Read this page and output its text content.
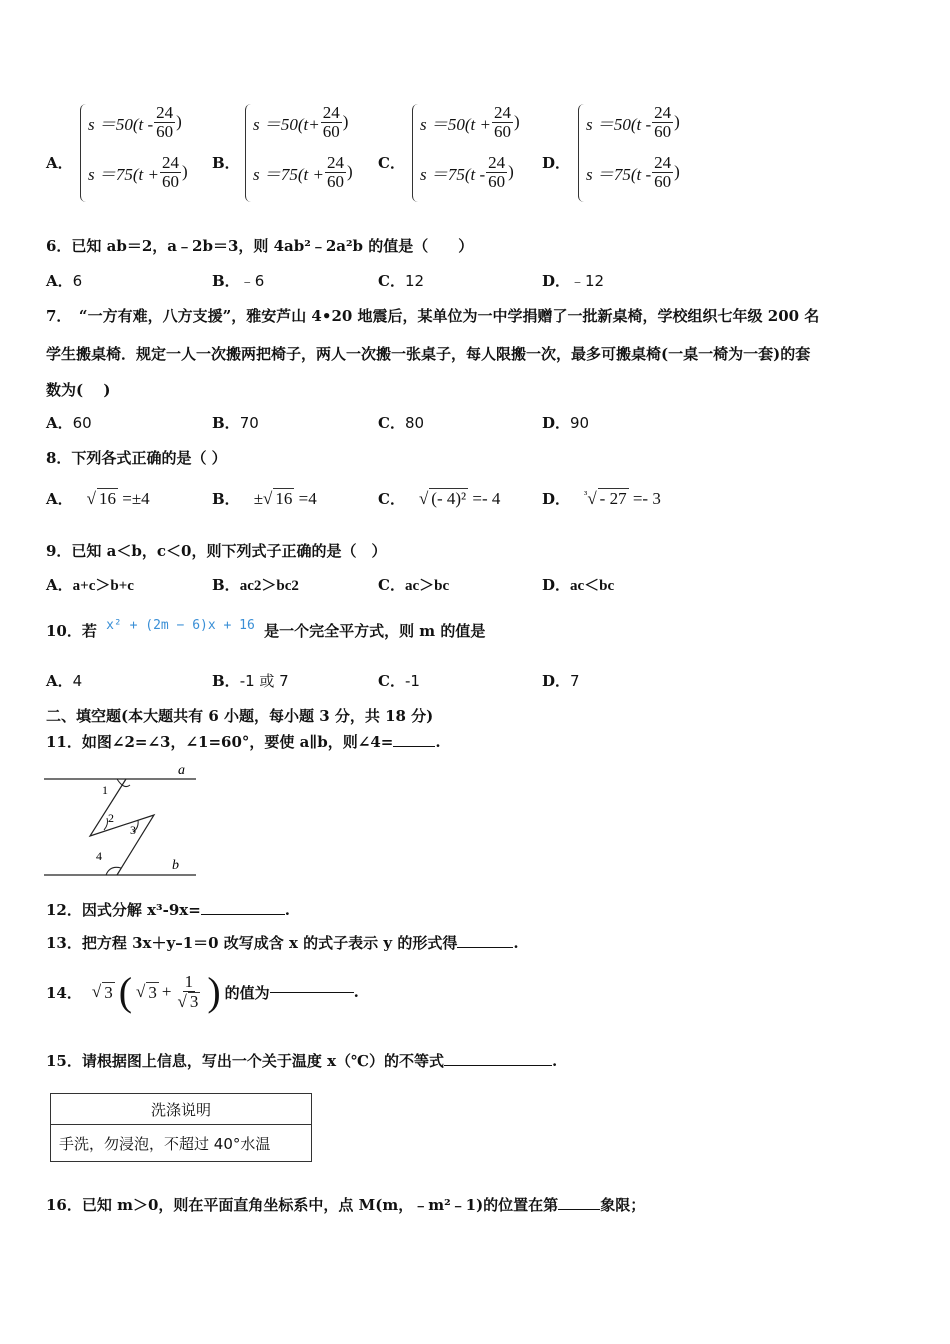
A．
$s =50(t - \frac{24}{60}$ )
$s =75(t + \frac{24}{60}$ ) B．
$s =50(t+ \frac{24}{60}$ )
$s =75(t + \frac{24}{60}$ ) C．
$s =50(t + \frac{24}{60}$ )
$s =75(t - \frac{24}{60}$ ) D．
$s =50(t - \frac{24}{60}$ )
$s =75(t - \frac{24}{60}$ )
6．已知 ab＝2，a﹣2b＝3，则 4ab²﹣2a²b 的值是（　　）
A．6	B．﹣6	C．12	D．﹣12
7．　“一方有难，八方支援”，雅安芦山 4•20 地震后，某单位为一中学捐赠了一批新桌椅，学校组织七年级 200 名
学生搬桌椅．规定一人一次搬两把椅子，两人一次搬一张桌子，每人限搬一次，最多可搬桌椅(一桌一椅为一套)的套
数为(　 )
A．60	B．70	C．80	D．90
8．下列各式正确的是（ ）
A． √ 16 =±4	B． ±√ 16 =4	C． √ (- 4)² =- 4	D． $^{^3}$√ - 27 =- 3
9．已知 a＜b，c＜0，则下列式子正确的是（　）
A．a+c＞b+c	B．ac2＞bc2	C．ac＞bc	D．ac＜bc
10．若 x² + (2m − 6)x + 16 是一个完全平方式，则 m 的值是
A．4	B．-1 或 7	C．-1	D．7
二、填空题(本大题共有 6 小题，每小题 3 分，共 18 分)
11．如图∠2=∠3，∠1=60°，要使 a∥b，则∠4=	.
a
b
1
2
3
4
12．因式分解 x³-9x=	.
13．把方程 3x＋y–1＝0 改写成含 x 的式子表示 y 的形式得	.
14． √ 3 ( √ $3 + \frac{1}{√ 3}$ ) 的值为	.
15．请根据图上信息，写出一个关于温度 x（℃）的不等式	.
洗涤说明
手洗，勿浸泡，不超过 40°水温
16．已知 m＞0，则在平面直角坐标系中，点 M(m，﹣m²﹣1)的位置在第	象限；
